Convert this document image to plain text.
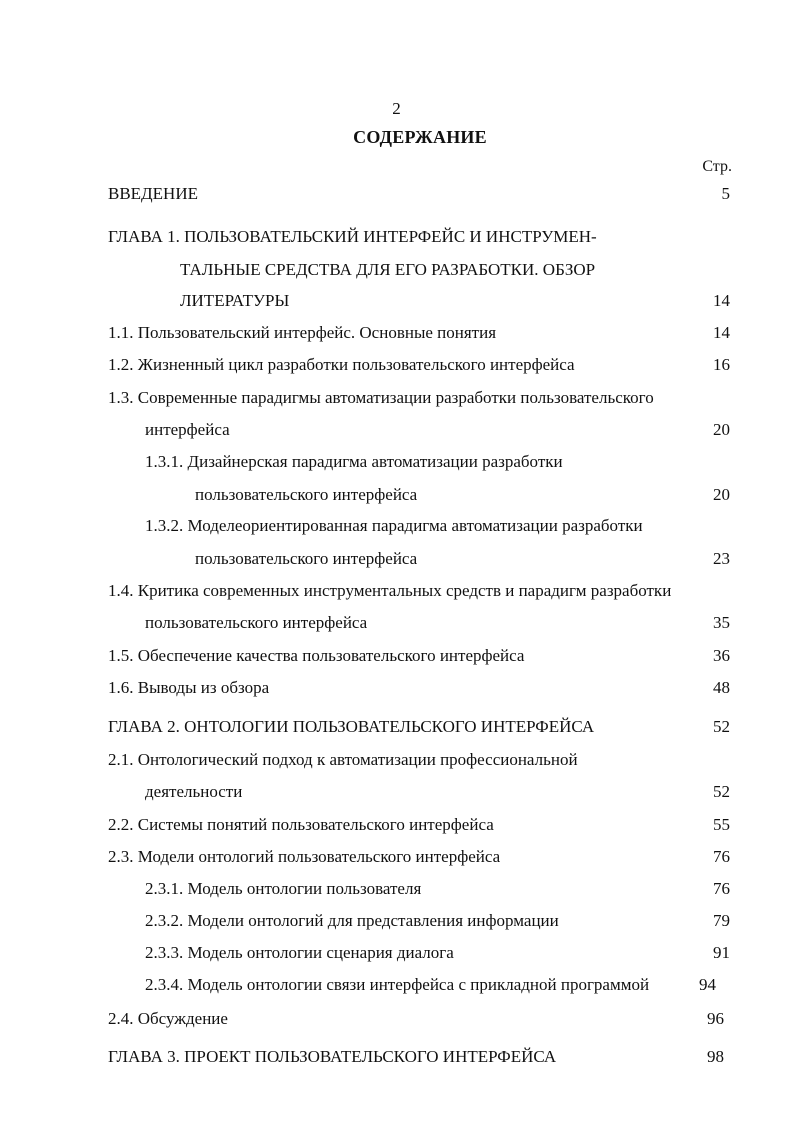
2
СОДЕРЖАНИЕ
Стр.
ВВЕДЕНИЕ	5
ГЛАВА 1. ПОЛЬЗОВАТЕЛЬСКИЙ ИНТЕРФЕЙС И ИНСТРУМЕН-
ТАЛЬНЫЕ СРЕДСТВА ДЛЯ ЕГО РАЗРАБОТКИ. ОБЗОР
ЛИТЕРАТУРЫ	14
1.1. Пользовательский интерфейс. Основные понятия	14
1.2. Жизненный цикл разработки пользовательского интерфейса	16
1.3. Современные парадигмы автоматизации разработки пользовательского
интерфейса	20
1.3.1. Дизайнерская парадигма автоматизации разработки
пользовательского интерфейса	20
1.3.2. Моделеориентированная парадигма автоматизации разработки
пользовательского интерфейса	23
1.4. Критика современных инструментальных средств и парадигм разработки
пользовательского интерфейса	35
1.5. Обеспечение качества пользовательского интерфейса	36
1.6. Выводы из обзора	48
ГЛАВА 2. ОНТОЛОГИИ ПОЛЬЗОВАТЕЛЬСКОГО ИНТЕРФЕЙСА	52
2.1. Онтологический подход к автоматизации профессиональной
деятельности	52
2.2. Системы понятий пользовательского интерфейса	55
2.3. Модели онтологий пользовательского интерфейса	76
2.3.1. Модель онтологии пользователя	76
2.3.2. Модели онтологий для представления информации	79
2.3.3. Модель онтологии сценария диалога	91
2.3.4. Модель онтологии связи интерфейса с прикладной программой	94
2.4. Обсуждение	96
ГЛАВА 3. ПРОЕКТ ПОЛЬЗОВАТЕЛЬСКОГО ИНТЕРФЕЙСА	98
